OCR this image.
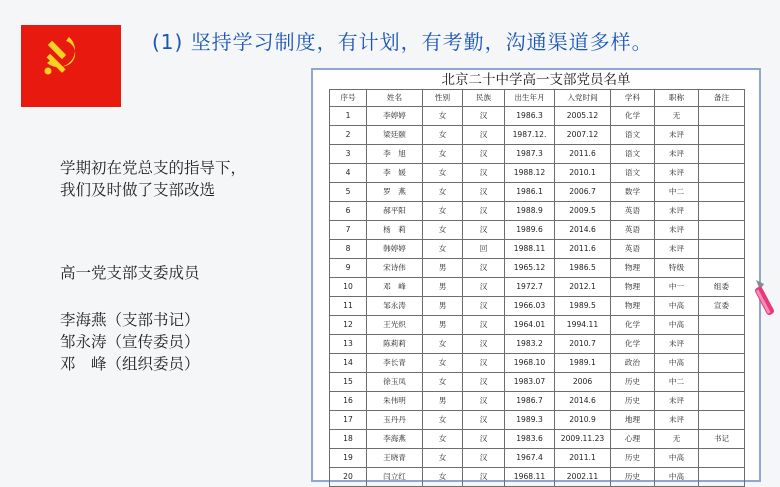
(1) 坚持学习制度，有计划，有考勤，沟通渠道多样。
学期初在党总支的指导下，
我们及时做了支部改选
高一党支部支委成员
李海燕（支部书记）
邹永涛（宣传委员）
邓　峰（组织委员）
北京二十中学高一支部党员名单
序号	姓名	性别	民族	出生年月	入党时间	学科	职称	备注
1	李婷婷	女	汉	1986.3	2005.12	化学	无	
2	梁廷颐	女	汉	1987.12.	2007.12	语文	未评	
3	李　旭	女	汉	1987.3	2011.6	语文	未评	
4	李　媛	女	汉	1988.12	2010.1	语文	未评	
5	罗　燕	女	汉	1986.1	2006.7	数学	中二	
6	郝平阳	女	汉	1988.9	2009.5	英语	未评	
7	杨　莉	女	汉	1989.6	2014.6	英语	未评	
8	韩婷婷	女	回	1988.11	2011.6	英语	未评	
9	宋诗伟	男	汉	1965.12	1986.5	物理	特级	
10	邓　峰	男	汉	1972.7	2012.1	物理	中一	组委
11	邹永涛	男	汉	1966.03	1989.5	物理	中高	宣委
12	王光炽	男	汉	1964.01	1994.11	化学	中高	
13	陈莉莉	女	汉	1983.2	2010.7	化学	未评	
14	李长青	女	汉	1968.10	1989.1	政治	中高	
15	徐玉凤	女	汉	1983.07	2006	历史	中二	
16	朱伟明	男	汉	1986.7	2014.6	历史	未评	
17	玉丹丹	女	汉	1989.3	2010.9	地理	未评	
18	李海燕	女	汉	1983.6	2009.11.23	心理	无	书记
19	王晓青	女	汉	1967.4	2011.1	历史	中高	
20	闫立红	女	汉	1968.11	2002.11	历史	中高	
